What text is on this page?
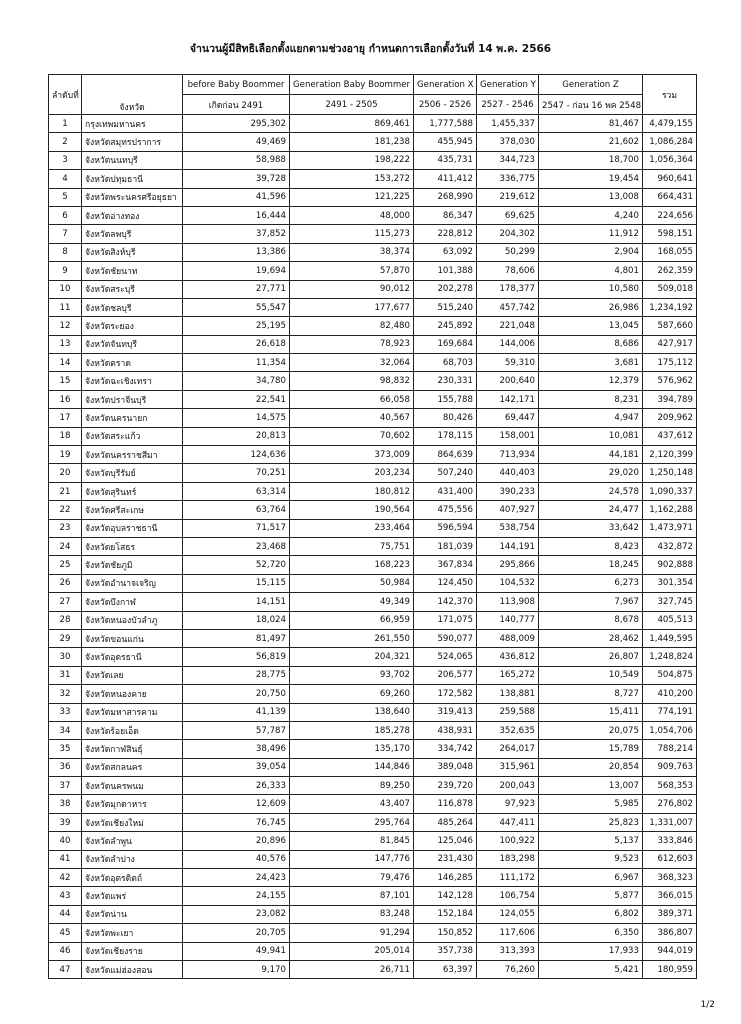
จำนวนผู้มีสิทธิเลือกตั้งแยกตามช่วงอายุ กำหนดการเลือกตั้งวันที่ 14 พ.ค. 2566
ลำดับที่	จังหวัด	before Baby Boommer	Generation Baby Boommer	Generation X	Generation Y	Generation Z	รวม
		เกิดก่อน 2491	2491 - 2505	2506 - 2526	2527 - 2546	2547 - ก่อน 16 พค 2548	
1	กรุงเทพมหานคร	295,302	869,461	1,777,588	1,455,337	81,467	4,479,155
2	จังหวัดสมุทรปราการ	49,469	181,238	455,945	378,030	21,602	1,086,284
3	จังหวัดนนทบุรี	58,988	198,222	435,731	344,723	18,700	1,056,364
4	จังหวัดปทุมธานี	39,728	153,272	411,412	336,775	19,454	960,641
5	จังหวัดพระนครศรีอยุธยา	41,596	121,225	268,990	219,612	13,008	664,431
6	จังหวัดอ่างทอง	16,444	48,000	86,347	69,625	4,240	224,656
7	จังหวัดลพบุรี	37,852	115,273	228,812	204,302	11,912	598,151
8	จังหวัดสิงห์บุรี	13,386	38,374	63,092	50,299	2,904	168,055
9	จังหวัดชัยนาท	19,694	57,870	101,388	78,606	4,801	262,359
10	จังหวัดสระบุรี	27,771	90,012	202,278	178,377	10,580	509,018
11	จังหวัดชลบุรี	55,547	177,677	515,240	457,742	26,986	1,234,192
12	จังหวัดระยอง	25,195	82,480	245,892	221,048	13,045	587,660
13	จังหวัดจันทบุรี	26,618	78,923	169,684	144,006	8,686	427,917
14	จังหวัดตราด	11,354	32,064	68,703	59,310	3,681	175,112
15	จังหวัดฉะเชิงเทรา	34,780	98,832	230,331	200,640	12,379	576,962
16	จังหวัดปราจีนบุรี	22,541	66,058	155,788	142,171	8,231	394,789
17	จังหวัดนครนายก	14,575	40,567	80,426	69,447	4,947	209,962
18	จังหวัดสระแก้ว	20,813	70,602	178,115	158,001	10,081	437,612
19	จังหวัดนครราชสีมา	124,636	373,009	864,639	713,934	44,181	2,120,399
20	จังหวัดบุรีรัมย์	70,251	203,234	507,240	440,403	29,020	1,250,148
21	จังหวัดสุรินทร์	63,314	180,812	431,400	390,233	24,578	1,090,337
22	จังหวัดศรีสะเกษ	63,764	190,564	475,556	407,927	24,477	1,162,288
23	จังหวัดอุบลราชธานี	71,517	233,464	596,594	538,754	33,642	1,473,971
24	จังหวัดยโสธร	23,468	75,751	181,039	144,191	8,423	432,872
25	จังหวัดชัยภูมิ	52,720	168,223	367,834	295,866	18,245	902,888
26	จังหวัดอำนาจเจริญ	15,115	50,984	124,450	104,532	6,273	301,354
27	จังหวัดบึงกาฬ	14,151	49,349	142,370	113,908	7,967	327,745
28	จังหวัดหนองบัวลำภู	18,024	66,959	171,075	140,777	8,678	405,513
29	จังหวัดขอนแก่น	81,497	261,550	590,077	488,009	28,462	1,449,595
30	จังหวัดอุดรธานี	56,819	204,321	524,065	436,812	26,807	1,248,824
31	จังหวัดเลย	28,775	93,702	206,577	165,272	10,549	504,875
32	จังหวัดหนองคาย	20,750	69,260	172,582	138,881	8,727	410,200
33	จังหวัดมหาสารคาม	41,139	138,640	319,413	259,588	15,411	774,191
34	จังหวัดร้อยเอ็ด	57,787	185,278	438,931	352,635	20,075	1,054,706
35	จังหวัดกาฬสินธุ์	38,496	135,170	334,742	264,017	15,789	788,214
36	จังหวัดสกลนคร	39,054	144,846	389,048	315,961	20,854	909,763
37	จังหวัดนครพนม	26,333	89,250	239,720	200,043	13,007	568,353
38	จังหวัดมุกดาหาร	12,609	43,407	116,878	97,923	5,985	276,802
39	จังหวัดเชียงใหม่	76,745	295,764	485,264	447,411	25,823	1,331,007
40	จังหวัดลำพูน	20,896	81,845	125,046	100,922	5,137	333,846
41	จังหวัดลำปาง	40,576	147,776	231,430	183,298	9,523	612,603
42	จังหวัดอุตรดิตถ์	24,423	79,476	146,285	111,172	6,967	368,323
43	จังหวัดแพร่	24,155	87,101	142,128	106,754	5,877	366,015
44	จังหวัดน่าน	23,082	83,248	152,184	124,055	6,802	389,371
45	จังหวัดพะเยา	20,705	91,294	150,852	117,606	6,350	386,807
46	จังหวัดเชียงราย	49,941	205,014	357,738	313,393	17,933	944,019
47	จังหวัดแม่ฮ่องสอน	9,170	26,711	63,397	76,260	5,421	180,959
1/2
